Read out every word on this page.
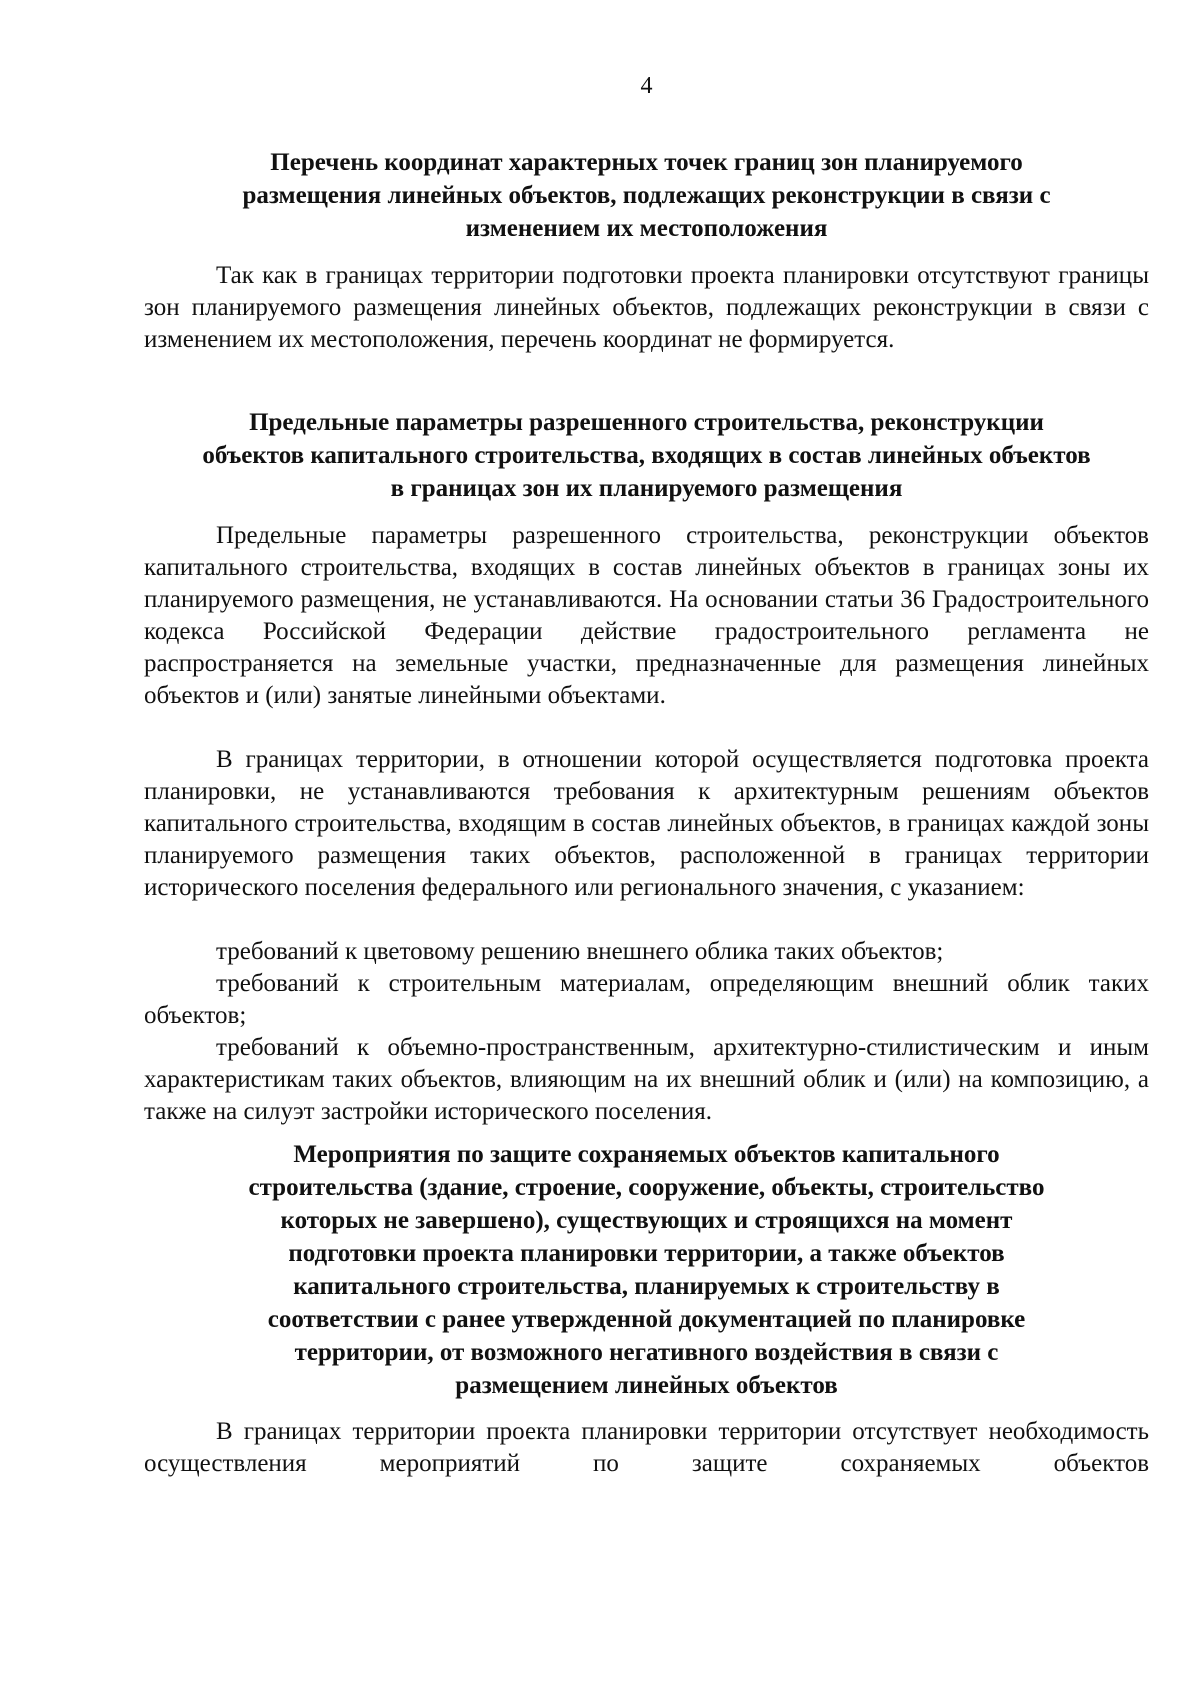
4

Перечень координат характерных точек границ зон планируемого размещения линейных объектов, подлежащих реконструкции в связи с изменением их местоположения

Так как в границах территории подготовки проекта планировки отсутствуют границы зон планируемого размещения линейных объектов, подлежащих реконструкции в связи с изменением их местоположения, перечень координат не формируется.

Предельные параметры разрешенного строительства, реконструкции объектов капитального строительства, входящих в состав линейных объектов в границах зон их планируемого размещения

Предельные параметры разрешенного строительства, реконструкции объектов капитального строительства, входящих в состав линейных объектов в границах зоны их планируемого размещения, не устанавливаются. На основании статьи 36 Градостроительного кодекса Российской Федерации действие градостроительного регламента не распространяется на земельные участки, предназначенные для размещения линейных объектов и (или) занятые линейными объектами.

В границах территории, в отношении которой осуществляется подготовка проекта планировки, не устанавливаются требования к архитектурным решениям объектов капитального строительства, входящим в состав линейных объектов, в границах каждой зоны планируемого размещения таких объектов, расположенной в границах территории исторического поселения федерального или регионального значения, с указанием:

требований к цветовому решению внешнего облика таких объектов;

требований к строительным материалам, определяющим внешний облик таких объектов;

требований к объемно-пространственным, архитектурно-стилистическим и иным характеристикам таких объектов, влияющим на их внешний облик и (или) на композицию, а также на силуэт застройки исторического поселения.

Мероприятия по защите сохраняемых объектов капитального строительства (здание, строение, сооружение, объекты, строительство которых не завершено), существующих и строящихся на момент подготовки проекта планировки территории, а также объектов капитального строительства, планируемых к строительству в соответствии с ранее утвержденной документацией по планировке территории, от возможного негативного воздействия в связи с размещением линейных объектов

В границах территории проекта планировки территории отсутствует необходимость осуществления мероприятий по защите сохраняемых объектов
